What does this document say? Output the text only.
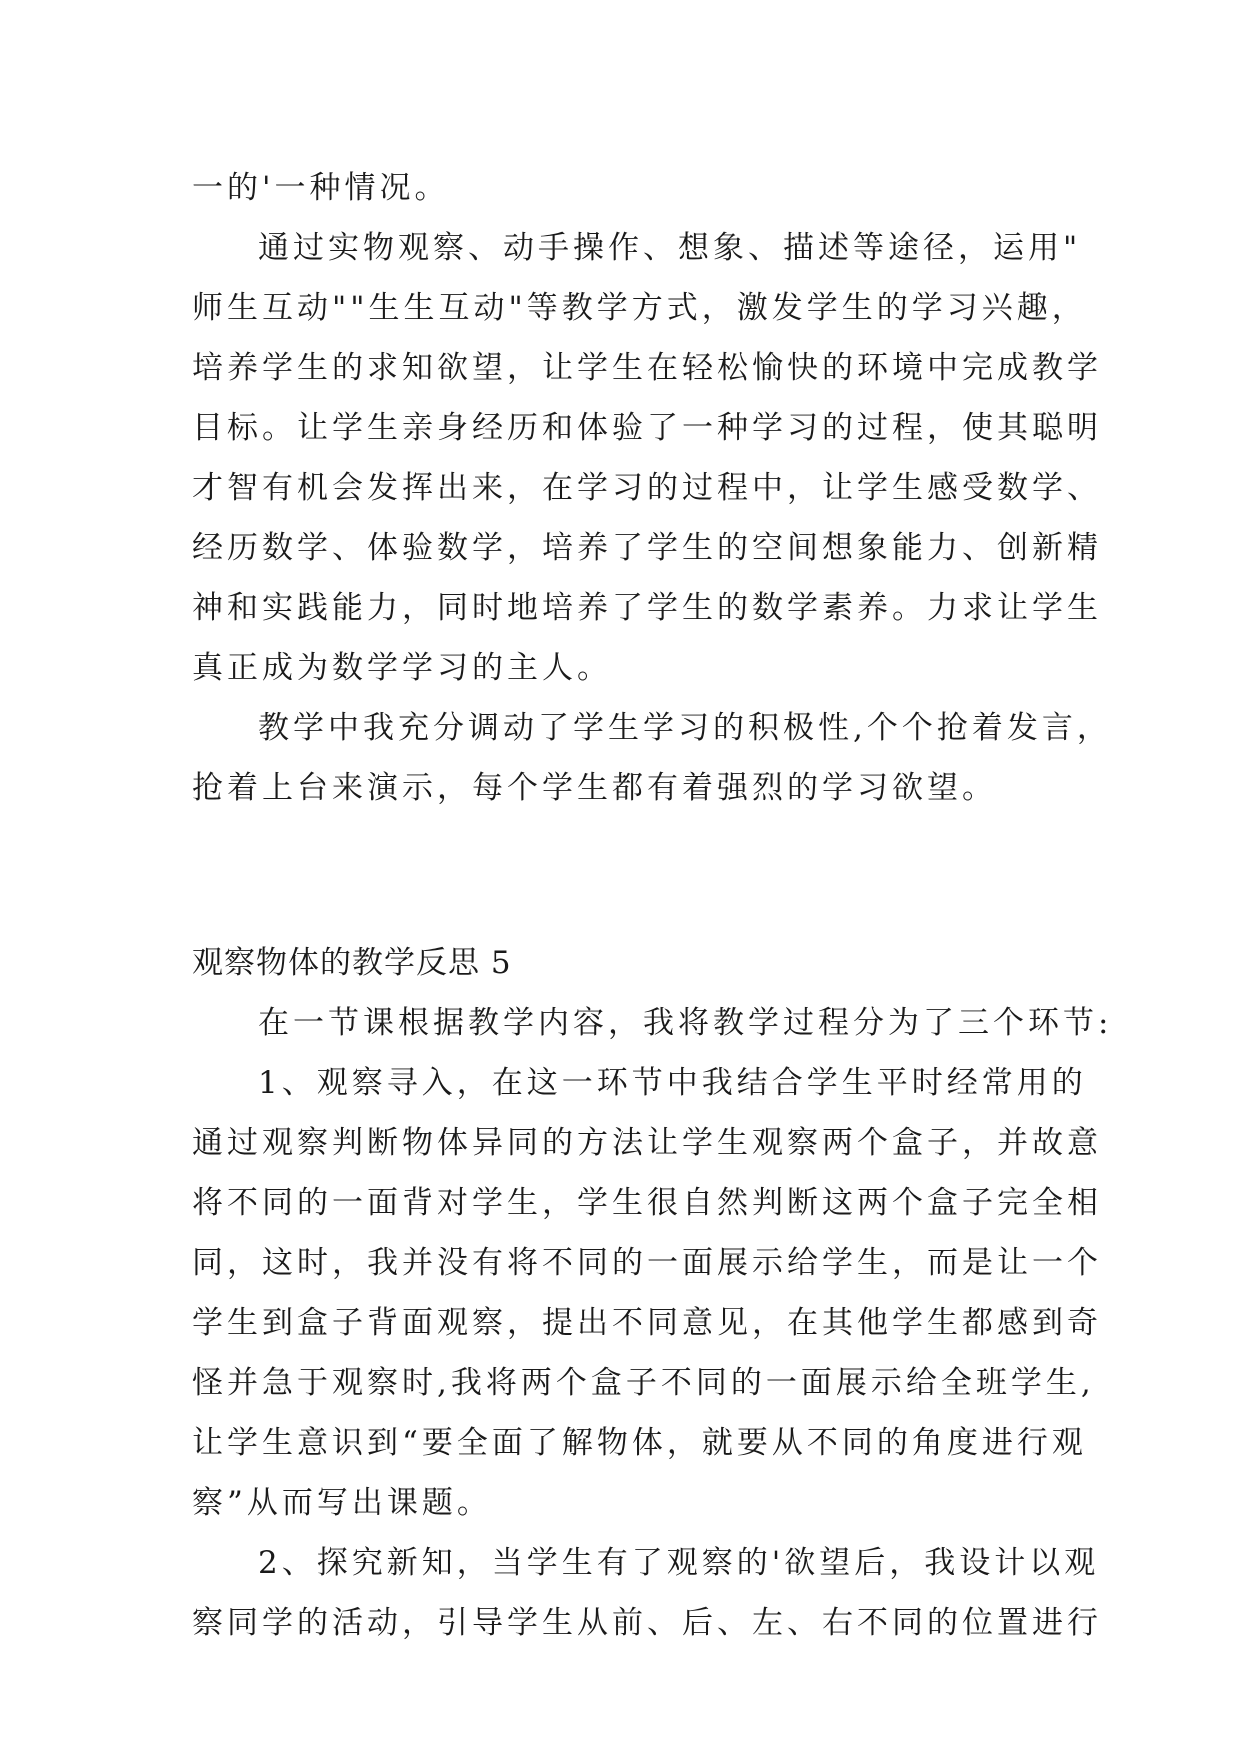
一的'一种情况。
通过实物观察、动手操作、想象、描述等途径，运用"
师生互动""生生互动"等教学方式，激发学生的学习兴趣，
培养学生的求知欲望，让学生在轻松愉快的环境中完成教学
目标。让学生亲身经历和体验了一种学习的过程，使其聪明
才智有机会发挥出来，在学习的过程中，让学生感受数学、
经历数学、体验数学，培养了学生的空间想象能力、创新精
神和实践能力，同时地培养了学生的数学素养。力求让学生
真正成为数学学习的主人。
教学中我充分调动了学生学习的积极性,个个抢着发言，
抢着上台来演示，每个学生都有着强烈的学习欲望。
观察物体的教学反思 5
在一节课根据教学内容，我将教学过程分为了三个环节:
1、观察寻入，在这一环节中我结合学生平时经常用的
通过观察判断物体异同的方法让学生观察两个盒子，并故意
将不同的一面背对学生，学生很自然判断这两个盒子完全相
同，这时，我并没有将不同的一面展示给学生，而是让一个
学生到盒子背面观察，提出不同意见，在其他学生都感到奇
怪并急于观察时,我将两个盒子不同的一面展示给全班学生,
让学生意识到“要全面了解物体，就要从不同的角度进行观
察”从而写出课题。
2、探究新知，当学生有了观察的'欲望后，我设计以观
察同学的活动，引导学生从前、后、左、右不同的位置进行
